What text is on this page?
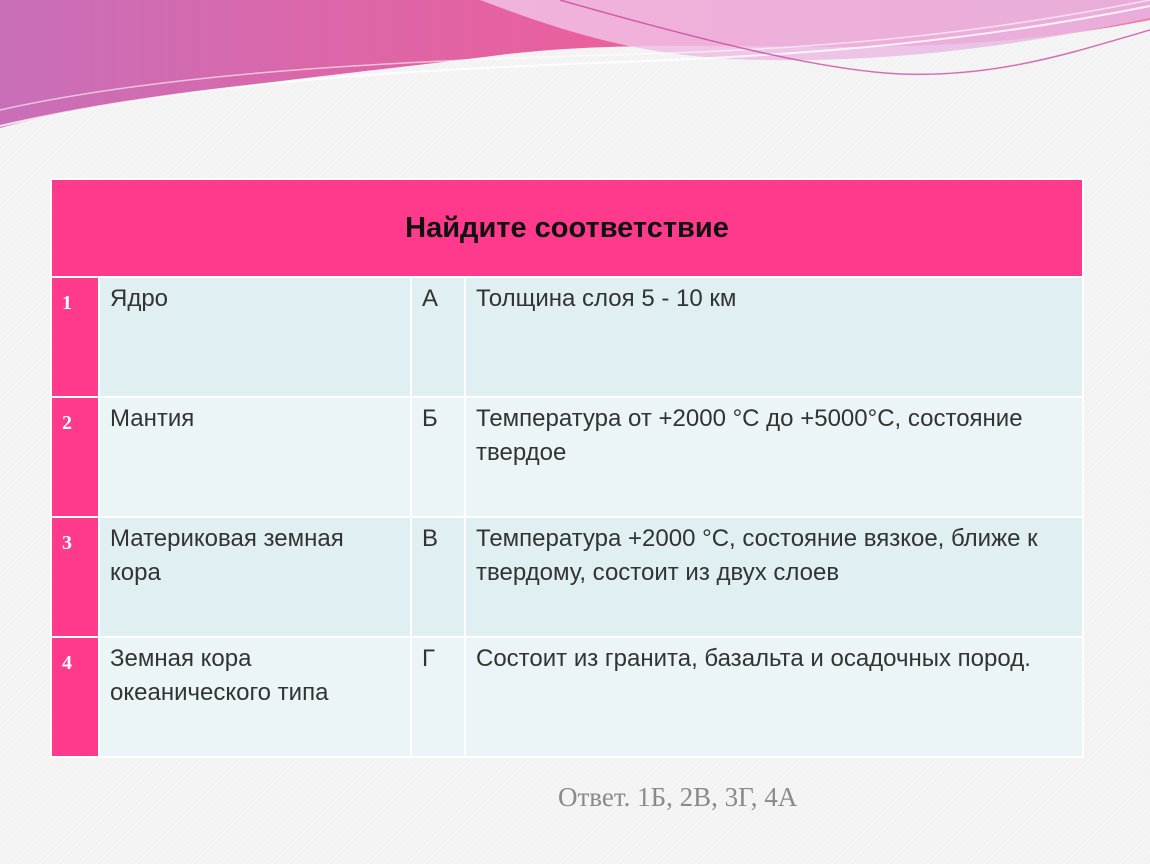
Найдите соответствие			
1	Ядро	А	Толщина слоя 5 - 10 км
2	Мантия	Б	Температура от +2000 °С до +5000°С, состояние твердое
3	Материковая земная кора	В	Температура +2000 °С, состояние вязкое, ближе к твердому, состоит из двух слоев
4	Земная кора океанического типа	Г	Состоит из гранита, базальта и осадочных пород.
Ответ. 1Б, 2В, 3Г, 4А
